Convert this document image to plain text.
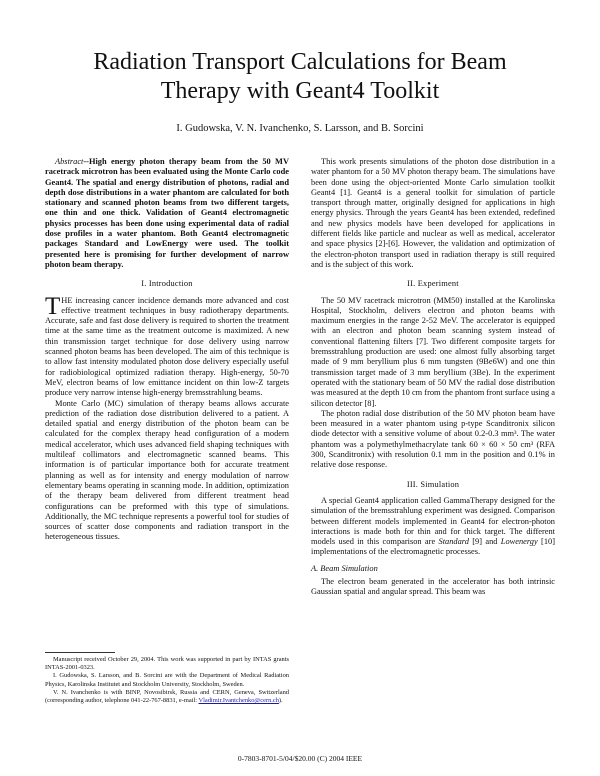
Radiation Transport Calculations for Beam Therapy with Geant4 Toolkit
I. Gudowska, V. N. Ivanchenko, S. Larsson, and B. Sorcini

Abstract--High energy photon therapy beam from the 50 MV racetrack microtron has been evaluated using the Monte Carlo code Geant4. The spatial and energy distribution of photons, radial and depth dose distributions in a water phantom are calculated for both stationary and scanned photon beams from two different targets, one thin and one thick. Validation of Geant4 electromagnetic physics processes has been done using experimental data of radial dose profiles in a water phantom. Both Geant4 electromagnetic packages Standard and LowEnergy were used. The toolkit presented here is promising for further development of narrow photon beam therapy.

I. Introduction

THE increasing cancer incidence demands more advanced and cost effective treatment techniques in busy radiotherapy departments. Accurate, safe and fast dose delivery is required to shorten the treatment time at the same time as the treatment outcome is maximized. A new thin transmission target technique for dose delivery using narrow scanned photon beams has been developed. The aim of this technique is to allow fast intensity modulated photon dose delivery especially useful for radiobiological optimized radiation therapy. High-energy, 50-70 MeV, electron beams of low emittance incident on thin low-Z targets produce very narrow intense high-energy bremsstrahlung beams.

Monte Carlo (MC) simulation of therapy beams allows accurate prediction of the radiation dose distribution delivered to a patient. A detailed spatial and energy distribution of the photon beam can be calculated for the complex therapy head configuration of a modern medical accelerator, which uses advanced field shaping techniques with multileaf collimators and electromagnetic scanned beams. This information is of particular importance both for accurate treatment planning as well as for intensity and energy modulation of narrow elementary beams operating in scanning mode. In addition, optimization of the therapy beam delivered from different treatment head configurations can be preformed with this type of simulations. Additionally, the MC technique represents a powerful tool for studies of sources of scatter dose components and radiation transport in the heterogeneous tissues.

Manuscript received October 29, 2004. This work was supported in part by INTAS grants INTAS-2001-0323.

I. Gudowska, S. Larsson, and B. Sorcini are with the Department of Medical Radiation Physics, Karolinska Institutet and Stockholm University, Stockholm, Sweden.

V. N. Ivanchenko is with BINP, Novosibirsk, Russia and CERN, Geneva, Switzerland (corresponding author, telephone 041-22-767-8831, e-mail: Vladimir.Ivantchenko@cern.ch).

This work presents simulations of the photon dose distribution in a water phantom for a 50 MV photon therapy beam. The simulations have been done using the object-oriented Monte Carlo simulation toolkit Geant4 [1]. Geant4 is a general toolkit for simulation of particle transport through matter, originally designed for applications in high energy physics. Through the years Geant4 has been extended, redefined and new physics models have been developed for applications in different fields like particle and nuclear as well as medical, accelerator and space physics [2]-[6]. However, the validation and optimization of the electron-photon transport used in radiation therapy is still required and is the subject of this work.

II. Experiment

The 50 MV racetrack microtron (MM50) installed at the Karolinska Hospital, Stockholm, delivers electron and photon beams with maximum energies in the range 2-52 MeV. The accelerator is equipped with an electron and photon beam scanning system instead of conventional flattening filters [7]. Two different composite targets for bremsstrahlung production are used: one almost fully absorbing target made of 9 mm beryllium plus 6 mm tungsten (9Be6W) and one thin transmission target made of 3 mm beryllium (3Be). In the experiment operated with the stationary beam of 50 MV the radial dose distribution was measured at the depth 10 cm from the phantom front surface using a silicon detector [8].

The photon radial dose distribution of the 50 MV photon beam have been measured in a water phantom using p-type Scanditronix silicon diode detector with a sensitive volume of about 0.2-0.3 mm³. The water phantom was a polymethylmethacrylate tank 60 × 60 × 50 cm³ (RFA 300, Scanditronix) with resolution 0.1 mm in the position and 0.1% in relative dose response.

III. Simulation

A special Geant4 application called GammaTherapy designed for the simulation of the bremsstrahlung experiment was designed. Comparison between different models implemented in Geant4 for electron-photon interactions is made both for thin and for thick target. The different models used in this comparison are Standard [9] and Lowenergy [10] implementations of the electromagnetic processes.

A. Beam Simulation

The electron beam generated in the accelerator has both intrinsic Gaussian spatial and angular spread. This beam was

0-7803-8701-5/04/$20.00 (C) 2004 IEEE
